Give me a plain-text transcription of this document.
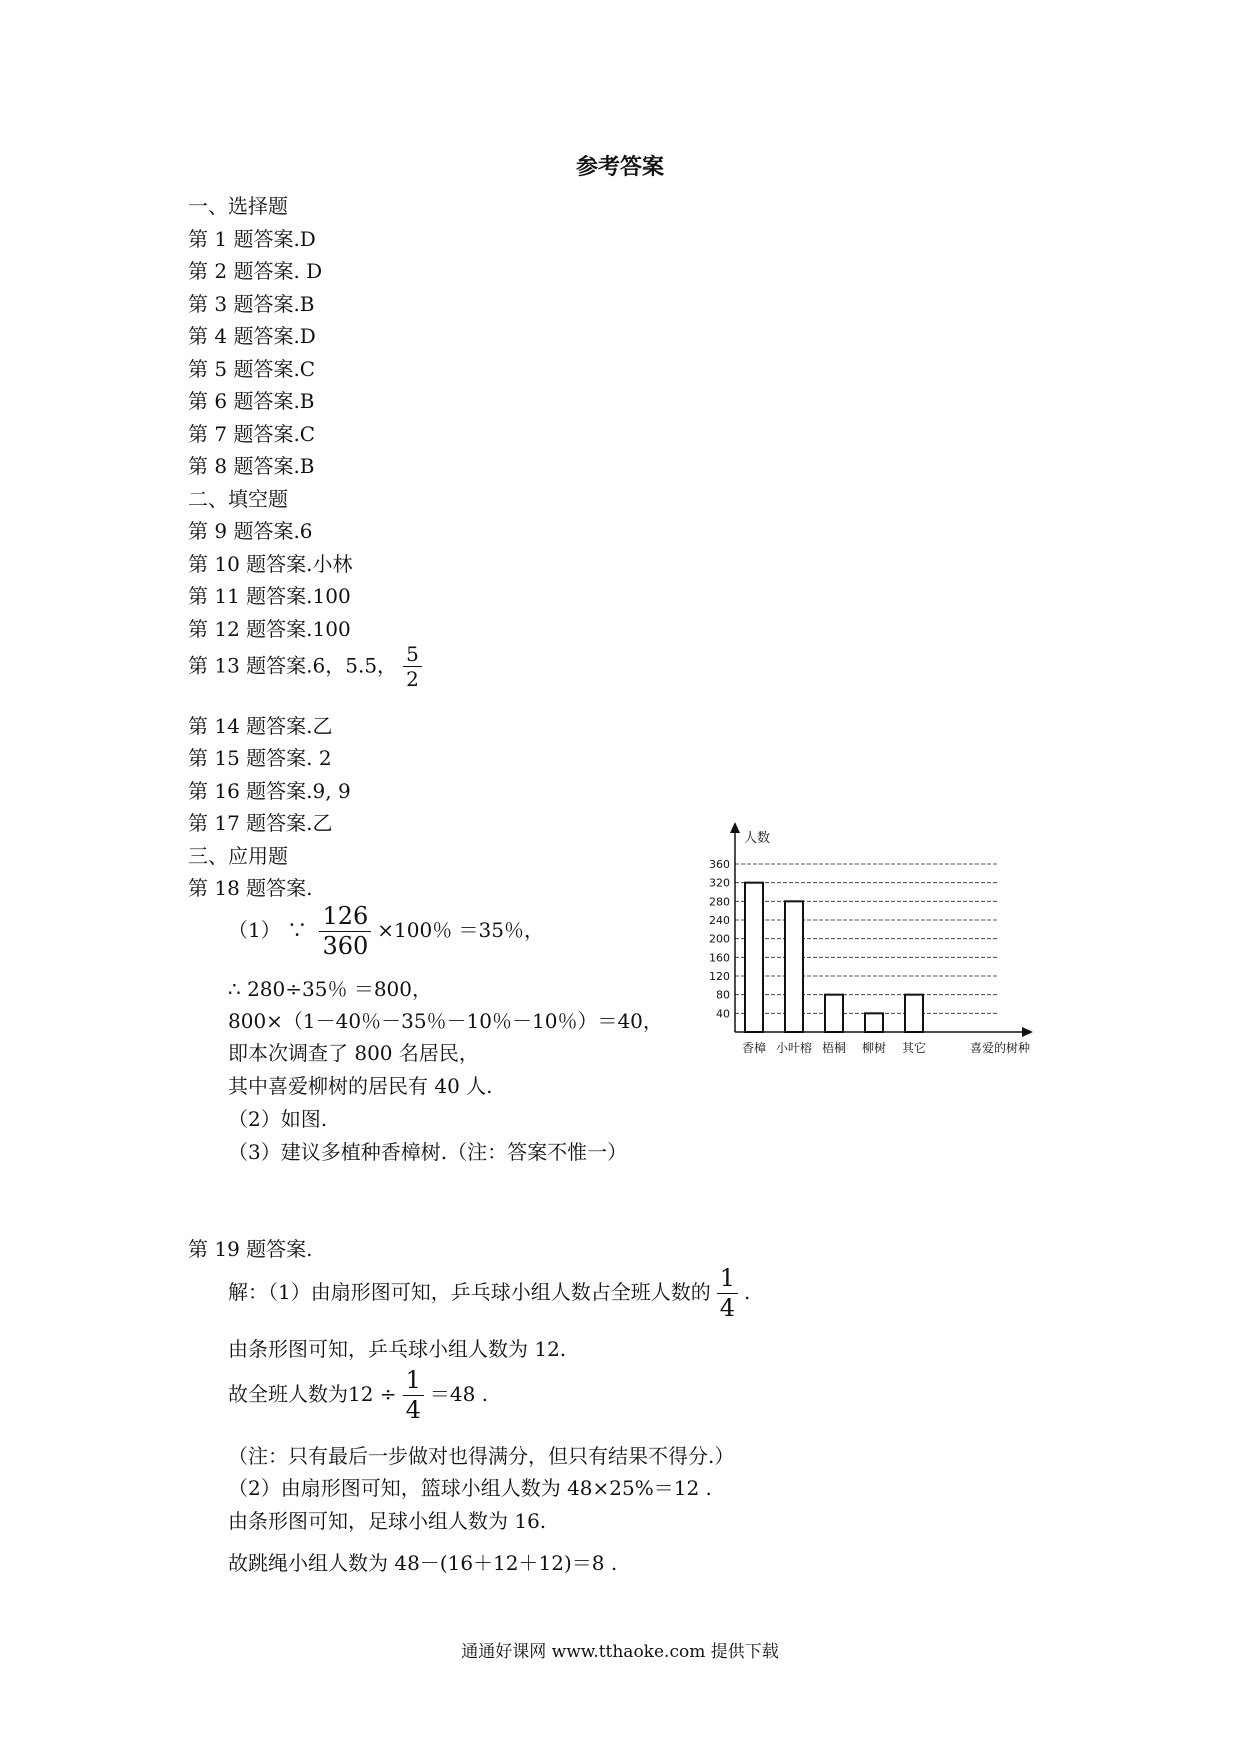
参考答案
一、选择题
第 1 题答案.D
第 2 题答案. D
第 3 题答案.B
第 4 题答案.D
第 5 题答案.C
第 6 题答案.B
第 7 题答案.C
第 8 题答案.B
二、填空题
第 9 题答案.6
第 10 题答案.小林
第 11 题答案.100
第 12 题答案.100
第 13 题答案.6，5.5， $\frac{5}{2}$
第 14 题答案.乙
第 15 题答案. 2
第 16 题答案.9, 9
第 17 题答案.乙
三、应用题
第 18 题答案.
（1） ∵ $\frac{126}{360} \times 100$％ ＝35％，
∴ 280÷35％ ＝800，
800×（1－40％－35％－10％－10％）＝40，
即本次调查了 800 名居民，
其中喜爱柳树的居民有 40 人.
（2）如图.
（3）建议多植种香樟树.（注：答案不惟一）
40
80
120
160
200
240
280
320
360
香樟 小叶榕 梧桐 柳树 其它
人数
喜爱的树种
第 19 题答案.
解：（1）由扇形图可知，乒乓球小组人数占全班人数的 $\frac{1}{4}$ .
由条形图可知，乒乓球小组人数为 12.
故全班人数为$12 \div \frac{1}{4} =48$ .
（注：只有最后一步做对也得满分，但只有结果不得分.）
（2）由扇形图可知，篮球小组人数为 48×25%＝12 .
由条形图可知，足球小组人数为 16.
故跳绳小组人数为 48－(16＋12＋12)＝8 .
通通好课网 www.tthaoke.com 提供下载
